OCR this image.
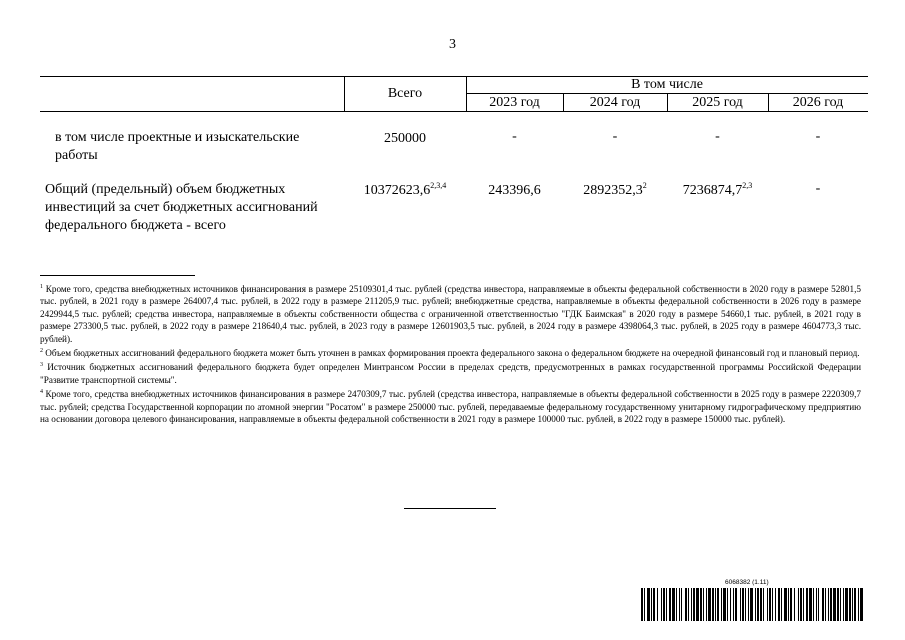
3
Всего
В том числе
2023 год	2024 год	2025 год	2026 год
в том числе проектные и изыскательские работы
250000	-	-	-	-
Общий (предельный) объем бюджетных инвестиций за счет бюджетных ассигнований федерального бюджета - всего
10372623,6$^{2,3,4}$	243396,6	2892352,3$^2$	7236874,7$^{2,3}$	-

$^1$ Кроме того, средства внебюджетных источников финансирования в размере 25109301,4 тыс. рублей (средства инвестора, направляемые в объекты федеральной собственности в 2020 году в размере 52801,5 тыс. рублей, в 2021 году в размере 264007,4 тыс. рублей, в 2022 году в размере 211205,9 тыс. рублей; внебюджетные средства, направляемые в объекты федеральной собственности в 2026 году в размере 2429944,5 тыс. рублей; средства инвестора, направляемые в объекты собственности общества с ограниченной ответственностью "ГДК Баимская" в 2020 году в размере 54660,1 тыс. рублей, в 2021 году в размере 273300,5 тыс. рублей, в 2022 году в размере 218640,4 тыс. рублей, в 2023 году в размере 12601903,5 тыс. рублей, в 2024 году в размере 4398064,3 тыс. рублей, в 2025 году в размере 4604773,3 тыс. рублей).

$^2$ Объем бюджетных ассигнований федерального бюджета может быть уточнен в рамках формирования проекта федерального закона о федеральном бюджете на очередной финансовый год и плановый период.

$^3$ Источник бюджетных ассигнований федерального бюджета будет определен Минтрансом России в пределах средств, предусмотренных в рамках государственной программы Российской Федерации "Развитие транспортной системы".

$^4$ Кроме того, средства внебюджетных источников финансирования в размере 2470309,7 тыс. рублей (средства инвестора, направляемые в объекты федеральной собственности в 2025 году в размере 2220309,7 тыс. рублей; средства Государственной корпорации по атомной энергии "Росатом" в размере 250000 тыс. рублей, передаваемые федеральному государственному унитарному гидрографическому предприятию на основании договора целевого финансирования, направляемые в объекты федеральной собственности в 2021 году в размере 100000 тыс. рублей, в 2022 году в размере 150000 тыс. рублей).

6068382 (1.11)
